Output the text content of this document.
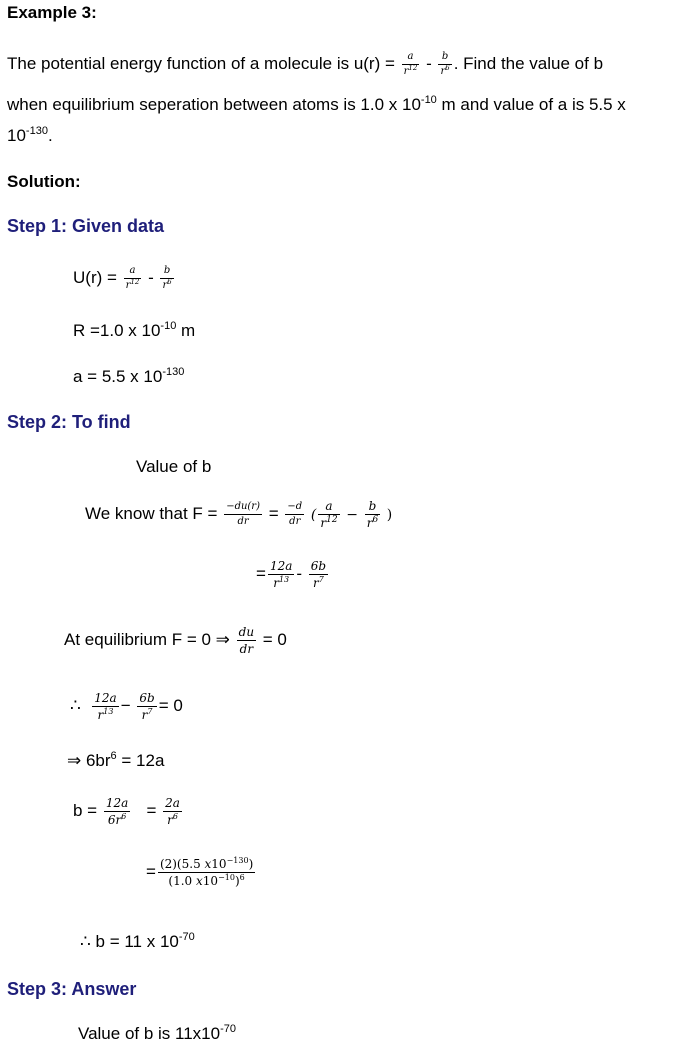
Example 3:
The potential energy function of a molecule is $u(r) = \frac{a}{r^{12}} - \frac{b}{r^6}$ . Find the value of b
when equilibrium seperation between atoms is 1.0 x $10^{-10}$ m and value of a is 5.5 x
$10^{-130}$.
Solution:
Step 1: Given data
$U(r) = \frac{a}{r^{12}} - \frac{b}{r^6}$
R =1.0 x $10^{-10}$ m
a = 5.5 x $10^{-130}$
Step 2: To find
Value of b
We know that $F = \frac{-du(r)}{dr} = \frac{-d}{dr}$ ( $\frac{a}{r^{12}} - \frac{b}{r^6}$ )
= $\frac{12a}{r^{13}} - \frac{6b}{r^7}$
At equilibrium F = 0 ⇒ $\frac{du}{dr} = 0$
∴ $\frac{12a}{r^{13}} - \frac{6b}{r^7} = 0$
⇒ $6br^6 = 12a$
$b = \frac{12a}{6r^6} = \frac{2a}{r^6}$
= $\frac{(2)(5.5 x10^{-130})}{(1.0 x10^{-10})^6}$
∴ b = 11 x $10^{-70}$
Step 3: Answer
Value of b is $11x10^{-70}$
